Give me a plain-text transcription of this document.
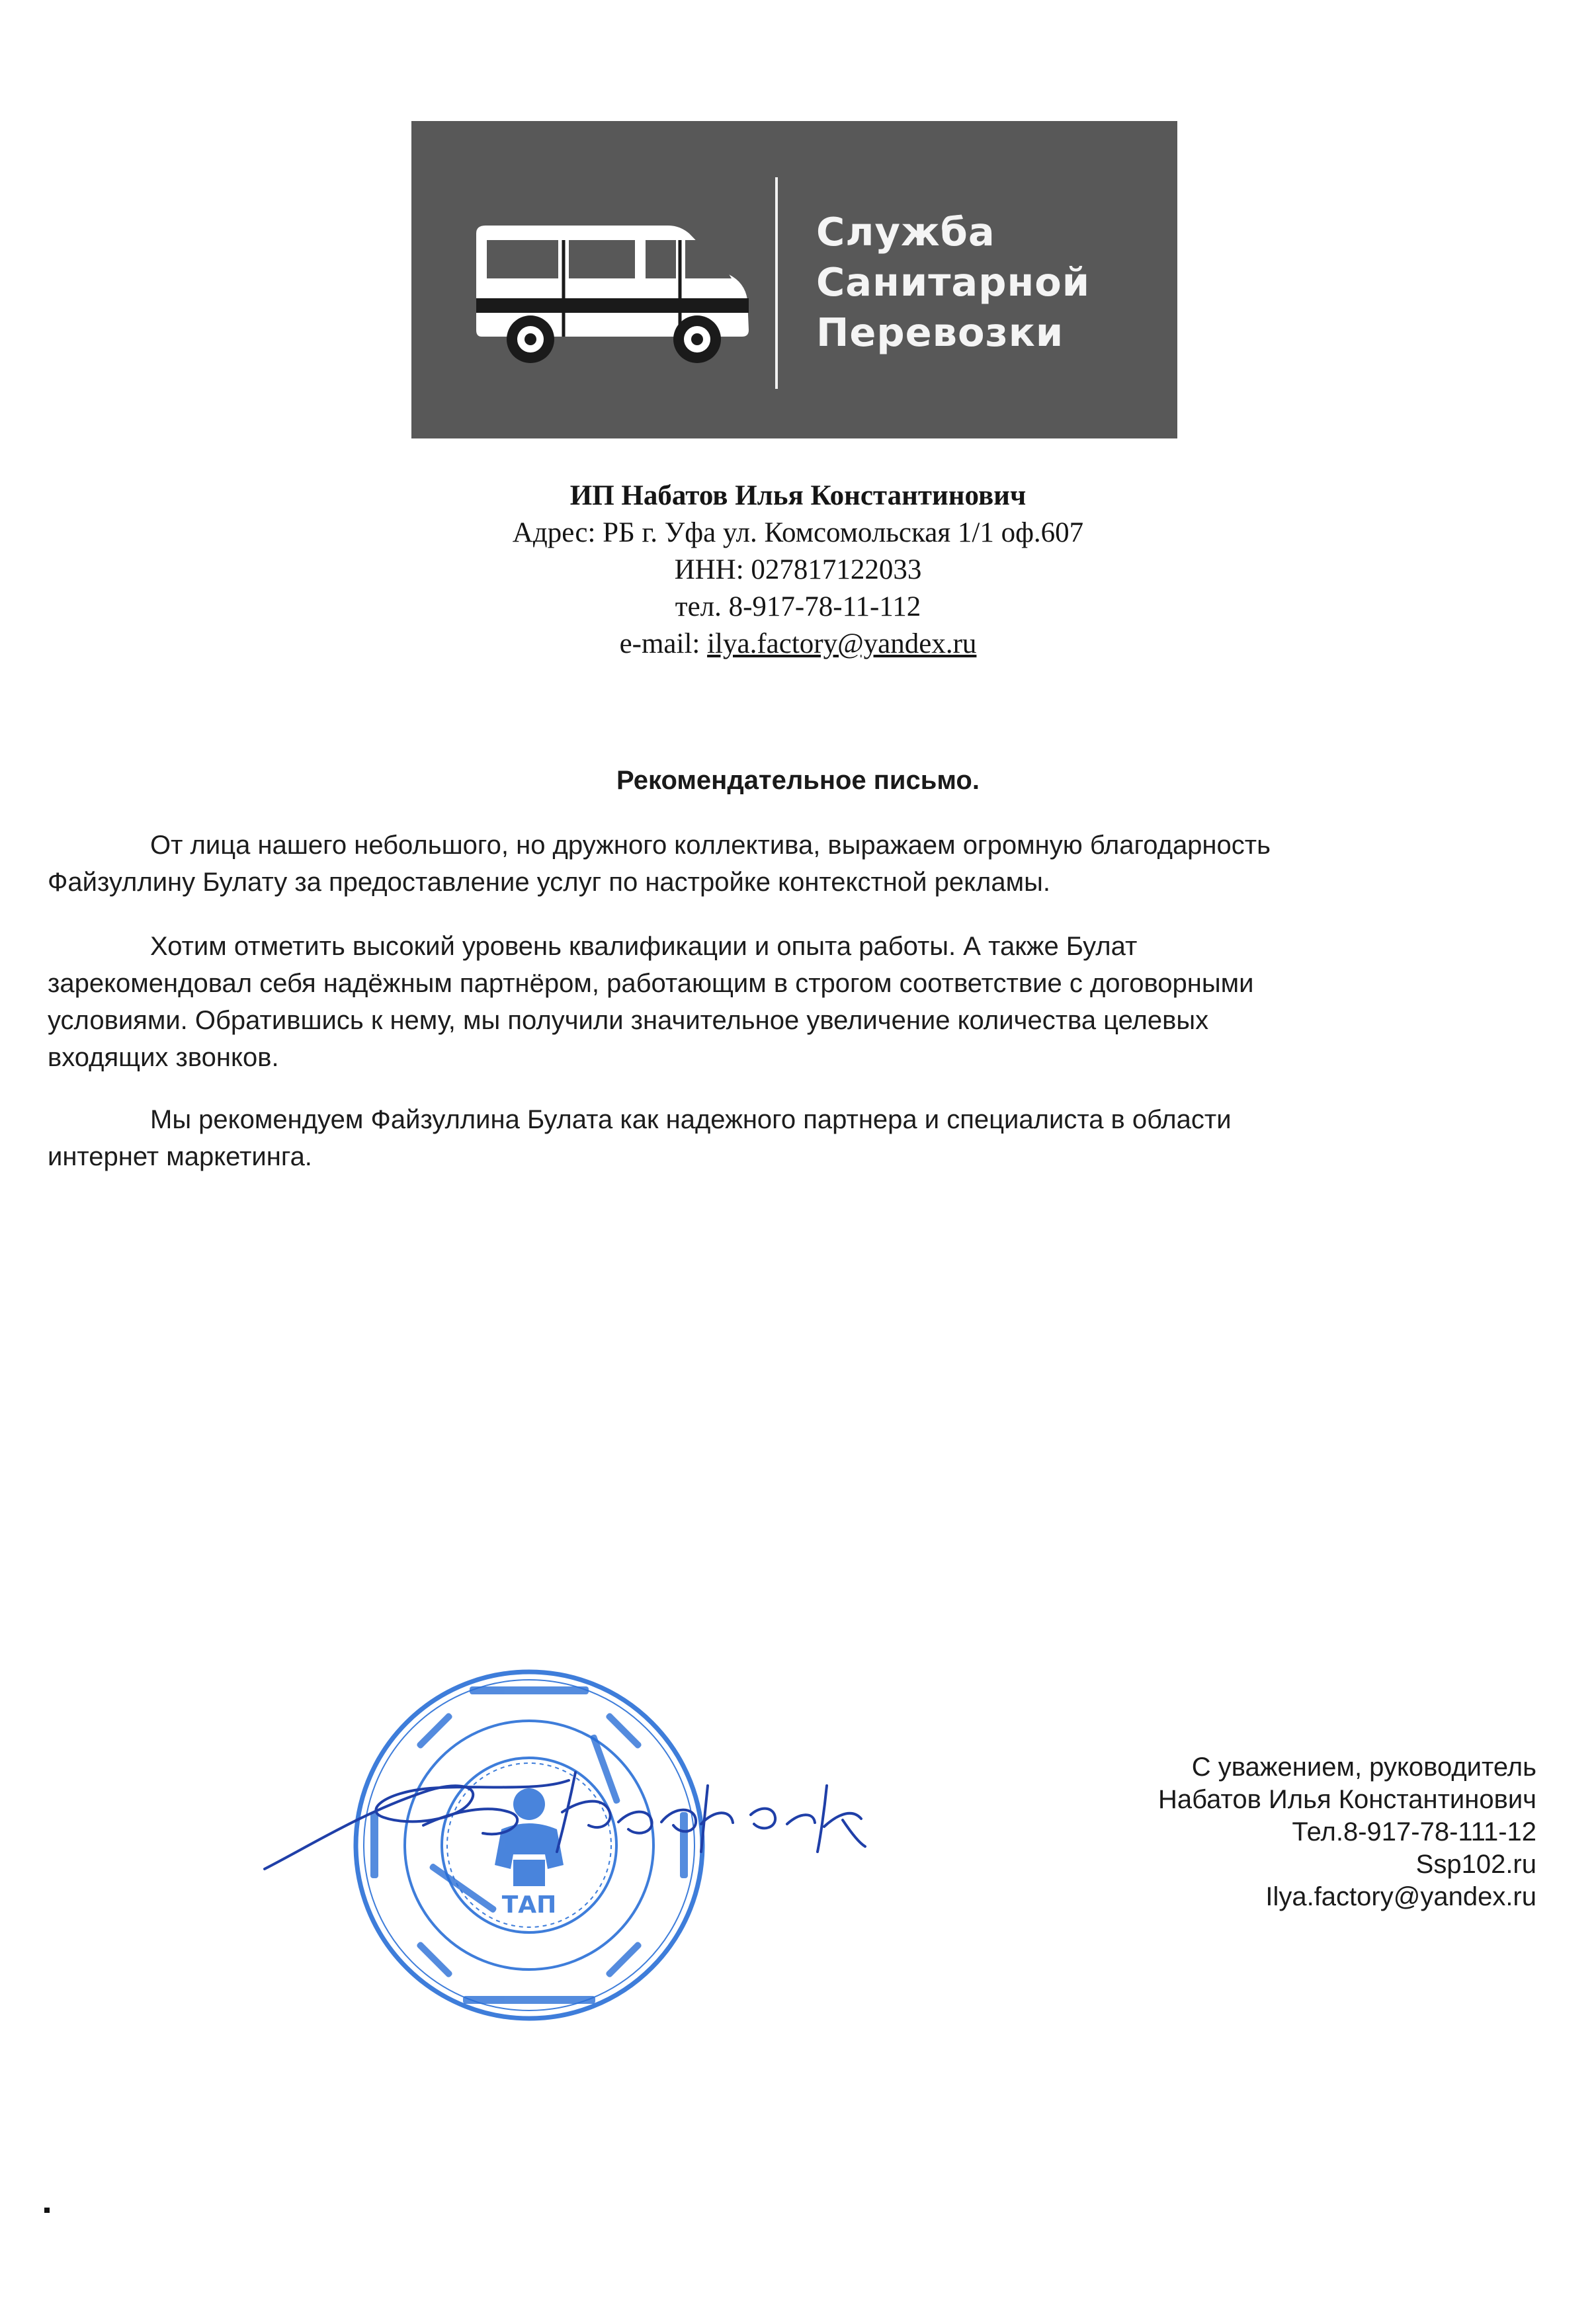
Служба
Санитарной
Перевозки
ИП Набатов Илья Константинович
Адрес: РБ г. Уфа ул. Комсомольская 1/1 оф.607
ИНН: 027817122033
тел. 8-917-78-11-112
e-mail: ilya.factory@yandex.ru
Рекомендательное письмо.

От лица нашего небольшого, но дружного коллектива, выражаем огромную благодарность
Файзуллину Булату за предоставление услуг по настройке контекстной рекламы.

Хотим отметить высокий уровень квалификации и опыта работы. А также Булат
зарекомендовал себя надёжным партнёром, работающим в строгом соответствие с договорными
условиями. Обратившись к нему, мы получили значительное увеличение количества целевых
входящих звонков.

Мы рекомендуем Файзуллина Булата как надежного партнера и специалиста в области
интернет маркетинга.

ТАП
С уважением, руководитель
Набатов Илья Константинович
Тел.8-917-78-111-12
Ssp102.ru
Ilya.factory@yandex.ru
